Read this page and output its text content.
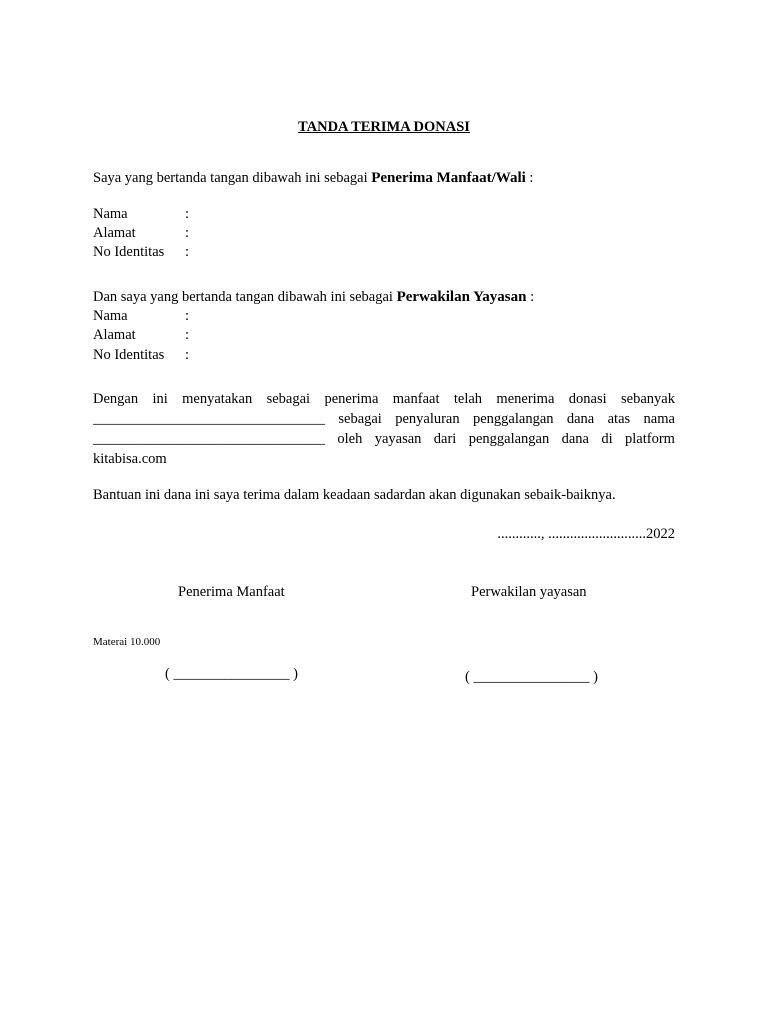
TANDA TERIMA DONASI
Saya yang bertanda tangan dibawah ini sebagai Penerima Manfaat/Wali :
Nama	:
Alamat	:
No Identitas :
Dan saya yang bertanda tangan dibawah ini sebagai Perwakilan Yayasan :
Nama	:
Alamat	:
No Identitas :
Dengan ini menyatakan sebagai penerima manfaat telah menerima donasi sebanyak
________________________________ sebagai penyaluran penggalangan dana atas nama
________________________________ oleh yayasan dari penggalangan dana di platform
kitabisa.com
Bantuan ini dana ini saya terima dalam keadaan sadardan akan digunakan sebaik-baiknya.
............, ...........................2022
Penerima Manfaat	Perwakilan yayasan
Materai 10.000
( ________________ )	( ________________ )
